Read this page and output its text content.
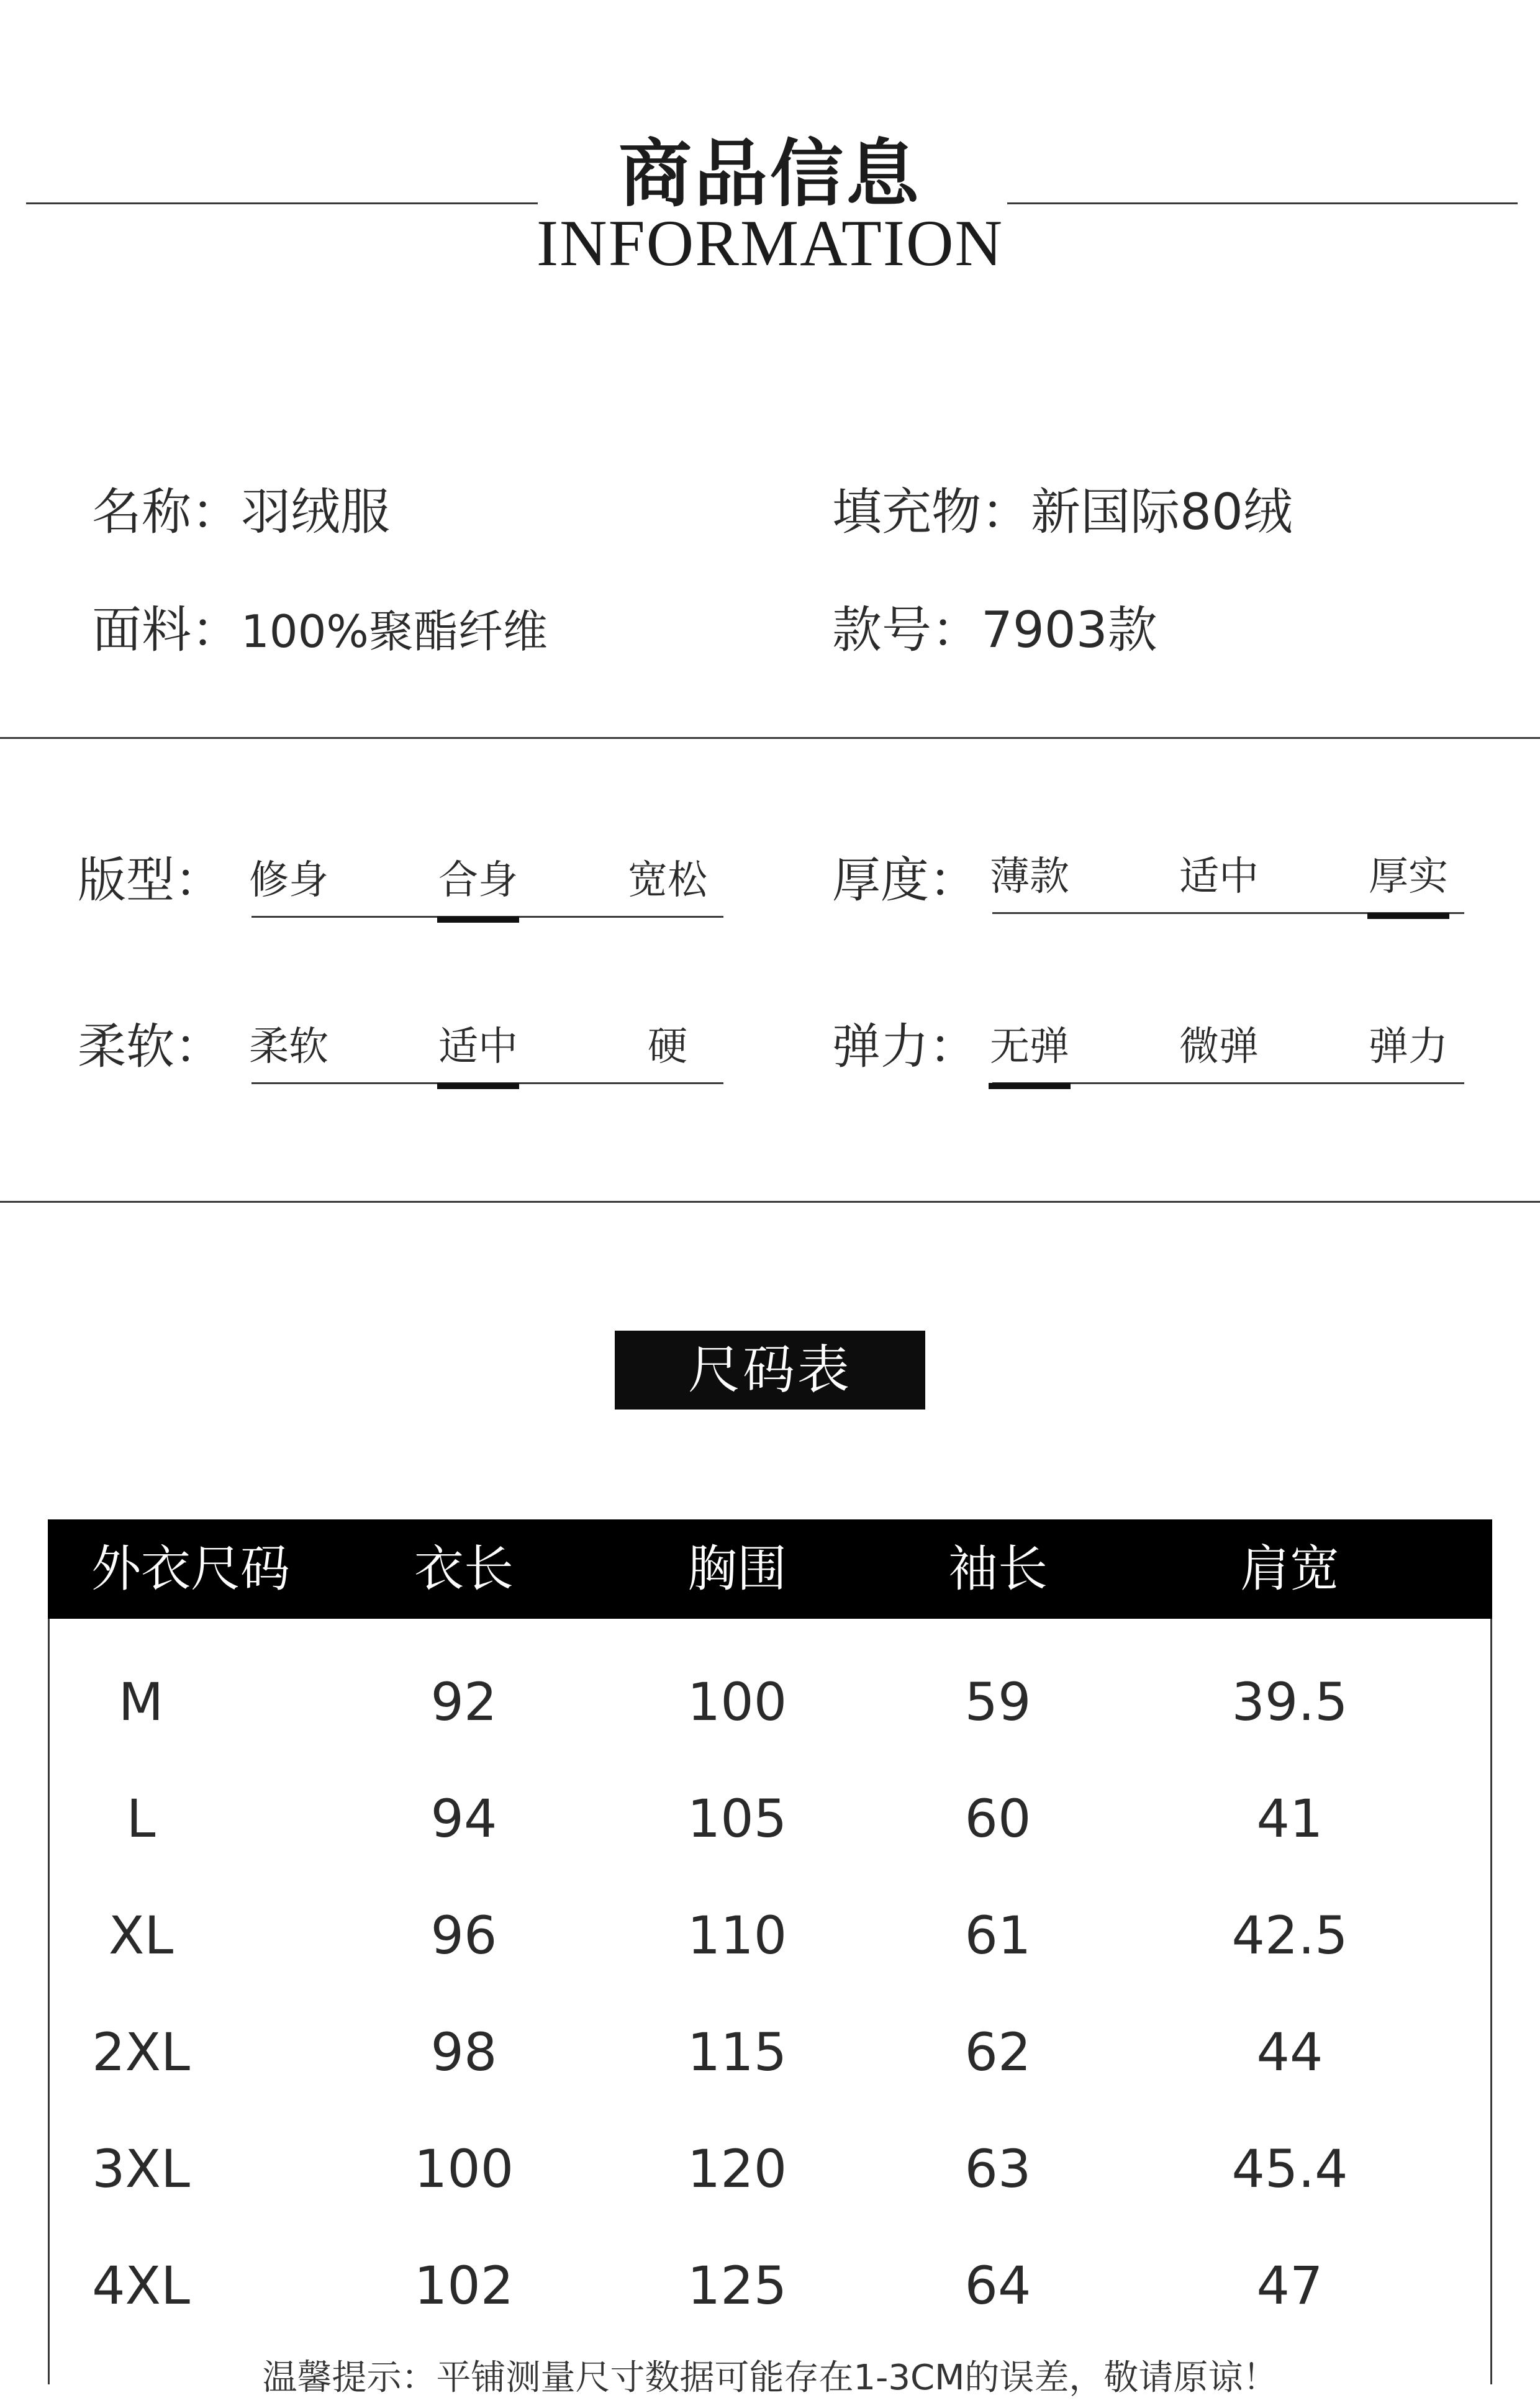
商品信息
INFORMATION
名称：羽绒服	填充物：新国际80绒
面料：100%聚酯纤维	款号：7903款
版型： 修身	合身	宽松	厚度： 薄款	适中	厚实
柔软： 柔软	适中	硬	弹力： 无弹	微弹	弹力
尺码表
外衣尺码	衣长	胸围	袖长	肩宽
M	92	100	59	39.5
L	94	105	60	41
XL	96	110	61	42.5
2XL	98	115	62	44
3XL	100	120	63	45.4
4XL	102	125	64	47
温馨提示：平铺测量尺寸数据可能存在1-3CM的误差，敬请原谅！
